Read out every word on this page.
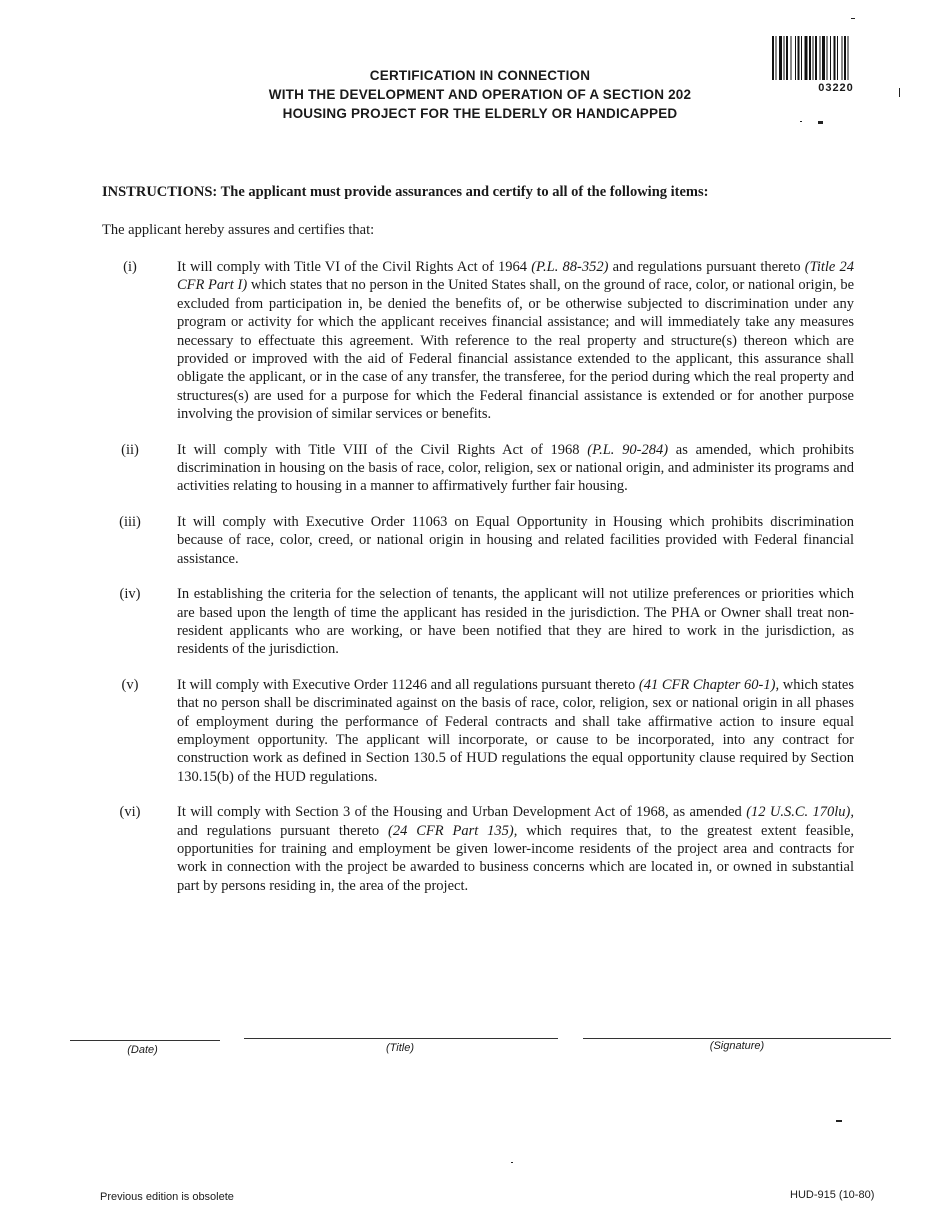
CERTIFICATION IN CONNECTION
WITH THE DEVELOPMENT AND OPERATION OF A SECTION 202
HOUSING PROJECT FOR THE ELDERLY OR HANDICAPPED
03220
INSTRUCTIONS: The applicant must provide assurances and certify to all of the following items:
The applicant hereby assures and certifies that:
(i)	It will comply with Title VI of the Civil Rights Act of 1964 (P.L. 88-352) and regulations pursuant thereto (Title 24 CFR Part I) which states that no person in the United States shall, on the ground of race, color, or national origin, be excluded from participation in, be denied the benefits of, or be otherwise subjected to discrimination under any program or activity for which the applicant receives financial assistance; and will immediately take any measures necessary to effectuate this agreement. With reference to the real property and structure(s) thereon which are provided or improved with the aid of Federal financial assistance extended to the applicant, this assurance shall obligate the applicant, or in the case of any transfer, the transferee, for the period during which the real property and structures(s) are used for a purpose for which the Federal financial assistance is extended or for another purpose involving the provision of similar services or benefits.
(ii)	It will comply with Title VIII of the Civil Rights Act of 1968 (P.L. 90-284) as amended, which prohibits discrimination in housing on the basis of race, color, religion, sex or national origin, and administer its programs and activities relating to housing in a manner to affirmatively further fair housing.
(iii)	It will comply with Executive Order 11063 on Equal Opportunity in Housing which prohibits discrimination because of race, color, creed, or national origin in housing and related facilities provided with Federal financial assistance.
(iv)	In establishing the criteria for the selection of tenants, the applicant will not utilize preferences or priorities which are based upon the length of time the applicant has resided in the jurisdiction. The PHA or Owner shall treat non-resident applicants who are working, or have been notified that they are hired to work in the jurisdiction, as residents of the jurisdiction.
(v)	It will comply with Executive Order 11246 and all regulations pursuant thereto (41 CFR Chapter 60-1), which states that no person shall be discriminated against on the basis of race, color, religion, sex or national origin in all phases of employment during the performance of Federal contracts and shall take affirmative action to insure equal employment opportunity. The applicant will incorporate, or cause to be incorporated, into any contract for construction work as defined in Section 130.5 of HUD regulations the equal opportunity clause required by Section 130.15(b) of the HUD regulations.
(vi)	It will comply with Section 3 of the Housing and Urban Development Act of 1968, as amended (12 U.S.C. 170lu), and regulations pursuant thereto (24 CFR Part 135), which requires that, to the greatest extent feasible, opportunities for training and employment be given lower-income residents of the project area and contracts for work in connection with the project be awarded to business concerns which are located in, or owned in substantial part by persons residing in, the area of the project.
(Date)	(Title)	(Signature)
Previous edition is obsolete	HUD-915 (10-80)
